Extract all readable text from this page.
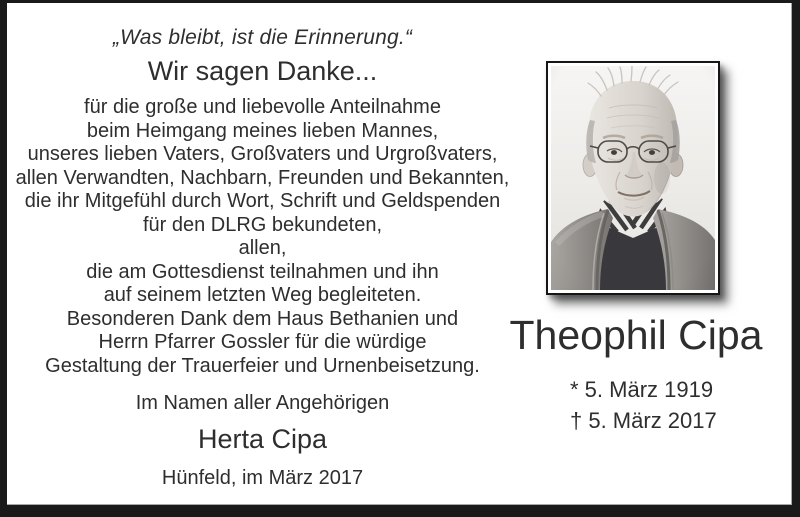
„Was bleibt, ist die Erinnerung.“
Wir sagen Danke...
für die große und liebevolle Anteilnahme
beim Heimgang meines lieben Mannes,
unseres lieben Vaters, Großvaters und Urgroßvaters,
allen Verwandten, Nachbarn, Freunden und Bekannten,
die ihr Mitgefühl durch Wort, Schrift und Geldspenden
für den DLRG bekundeten,
allen,
die am Gottesdienst teilnahmen und ihn
auf seinem letzten Weg begleiteten.
Besonderen Dank dem Haus Bethanien und
Herrn Pfarrer Gossler für die würdige
Gestaltung der Trauerfeier und Urnenbeisetzung.
Im Namen aller Angehörigen
Herta Cipa
Hünfeld, im März 2017
Theophil Cipa
* 5. März 1919
† 5. März 2017
